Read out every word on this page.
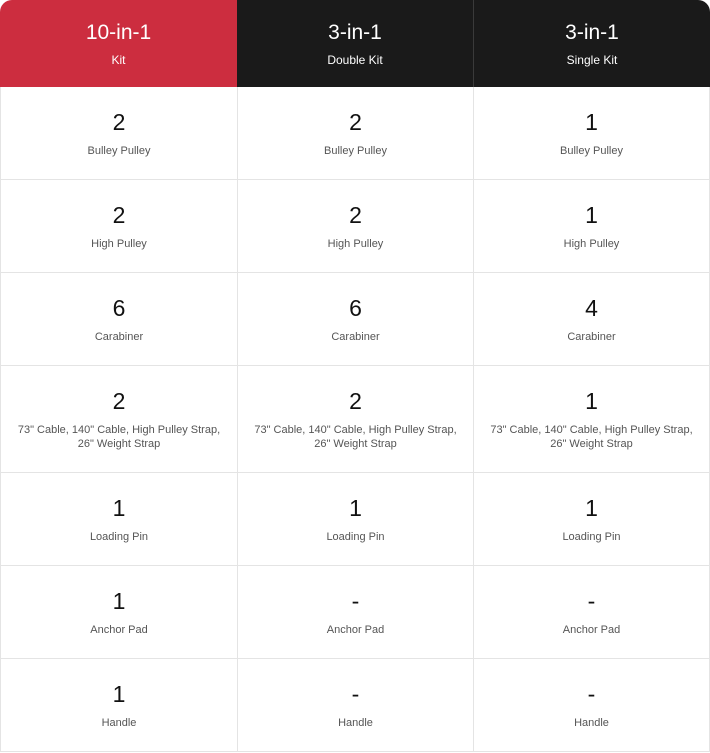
10-in-1
Kit
3-in-1
Double Kit
3-in-1
Single Kit
2
Bulley Pulley
2
Bulley Pulley
1
Bulley Pulley
2
High Pulley
2
High Pulley
1
High Pulley
6
Carabiner
6
Carabiner
4
Carabiner
2
73" Cable, 140" Cable, High Pulley Strap, 26" Weight Strap
2
73" Cable, 140" Cable, High Pulley Strap, 26" Weight Strap
1
73" Cable, 140" Cable, High Pulley Strap, 26" Weight Strap
1
Loading Pin
1
Loading Pin
1
Loading Pin
1
Anchor Pad
-
Anchor Pad
-
Anchor Pad
1
Handle
-
Handle
-
Handle
